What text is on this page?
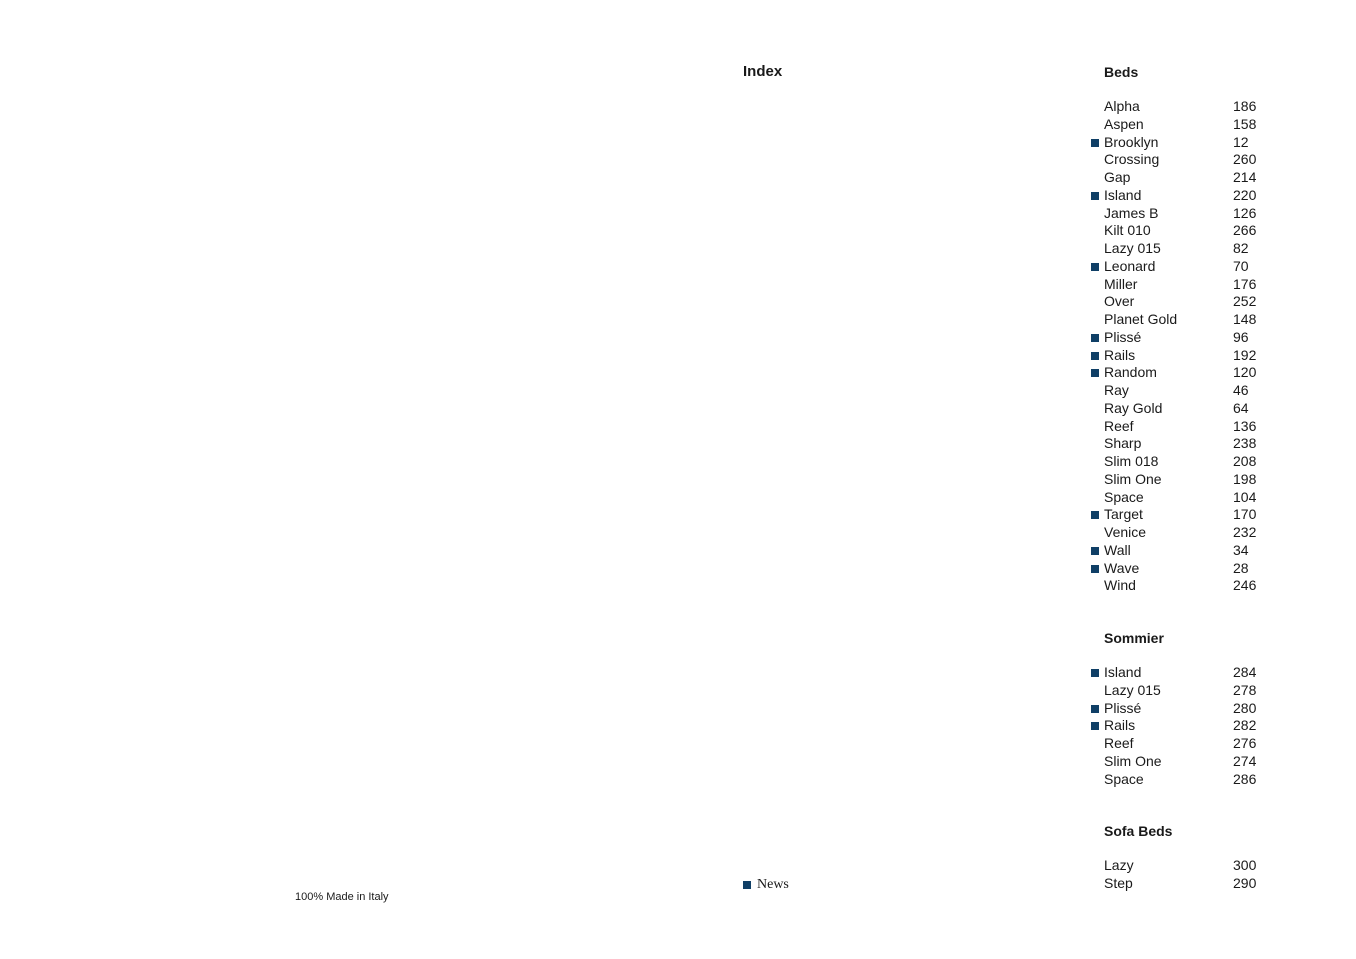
100% Made in Italy
Index
News
Beds
Alpha	186
Aspen	158
Brooklyn	12
Crossing	260
Gap	214
Island	220
James B	126
Kilt 010	266
Lazy 015	82
Leonard	70
Miller	176
Over	252
Planet Gold	148
Plissé	96
Rails	192
Random	120
Ray	46
Ray Gold	64
Reef	136
Sharp	238
Slim 018	208
Slim One	198
Space	104
Target	170
Venice	232
Wall	34
Wave	28
Wind	246
Sommier
Island	284
Lazy 015	278
Plissé	280
Rails	282
Reef	276
Slim One	274
Space	286
Sofa Beds
Lazy	300
Step	290
